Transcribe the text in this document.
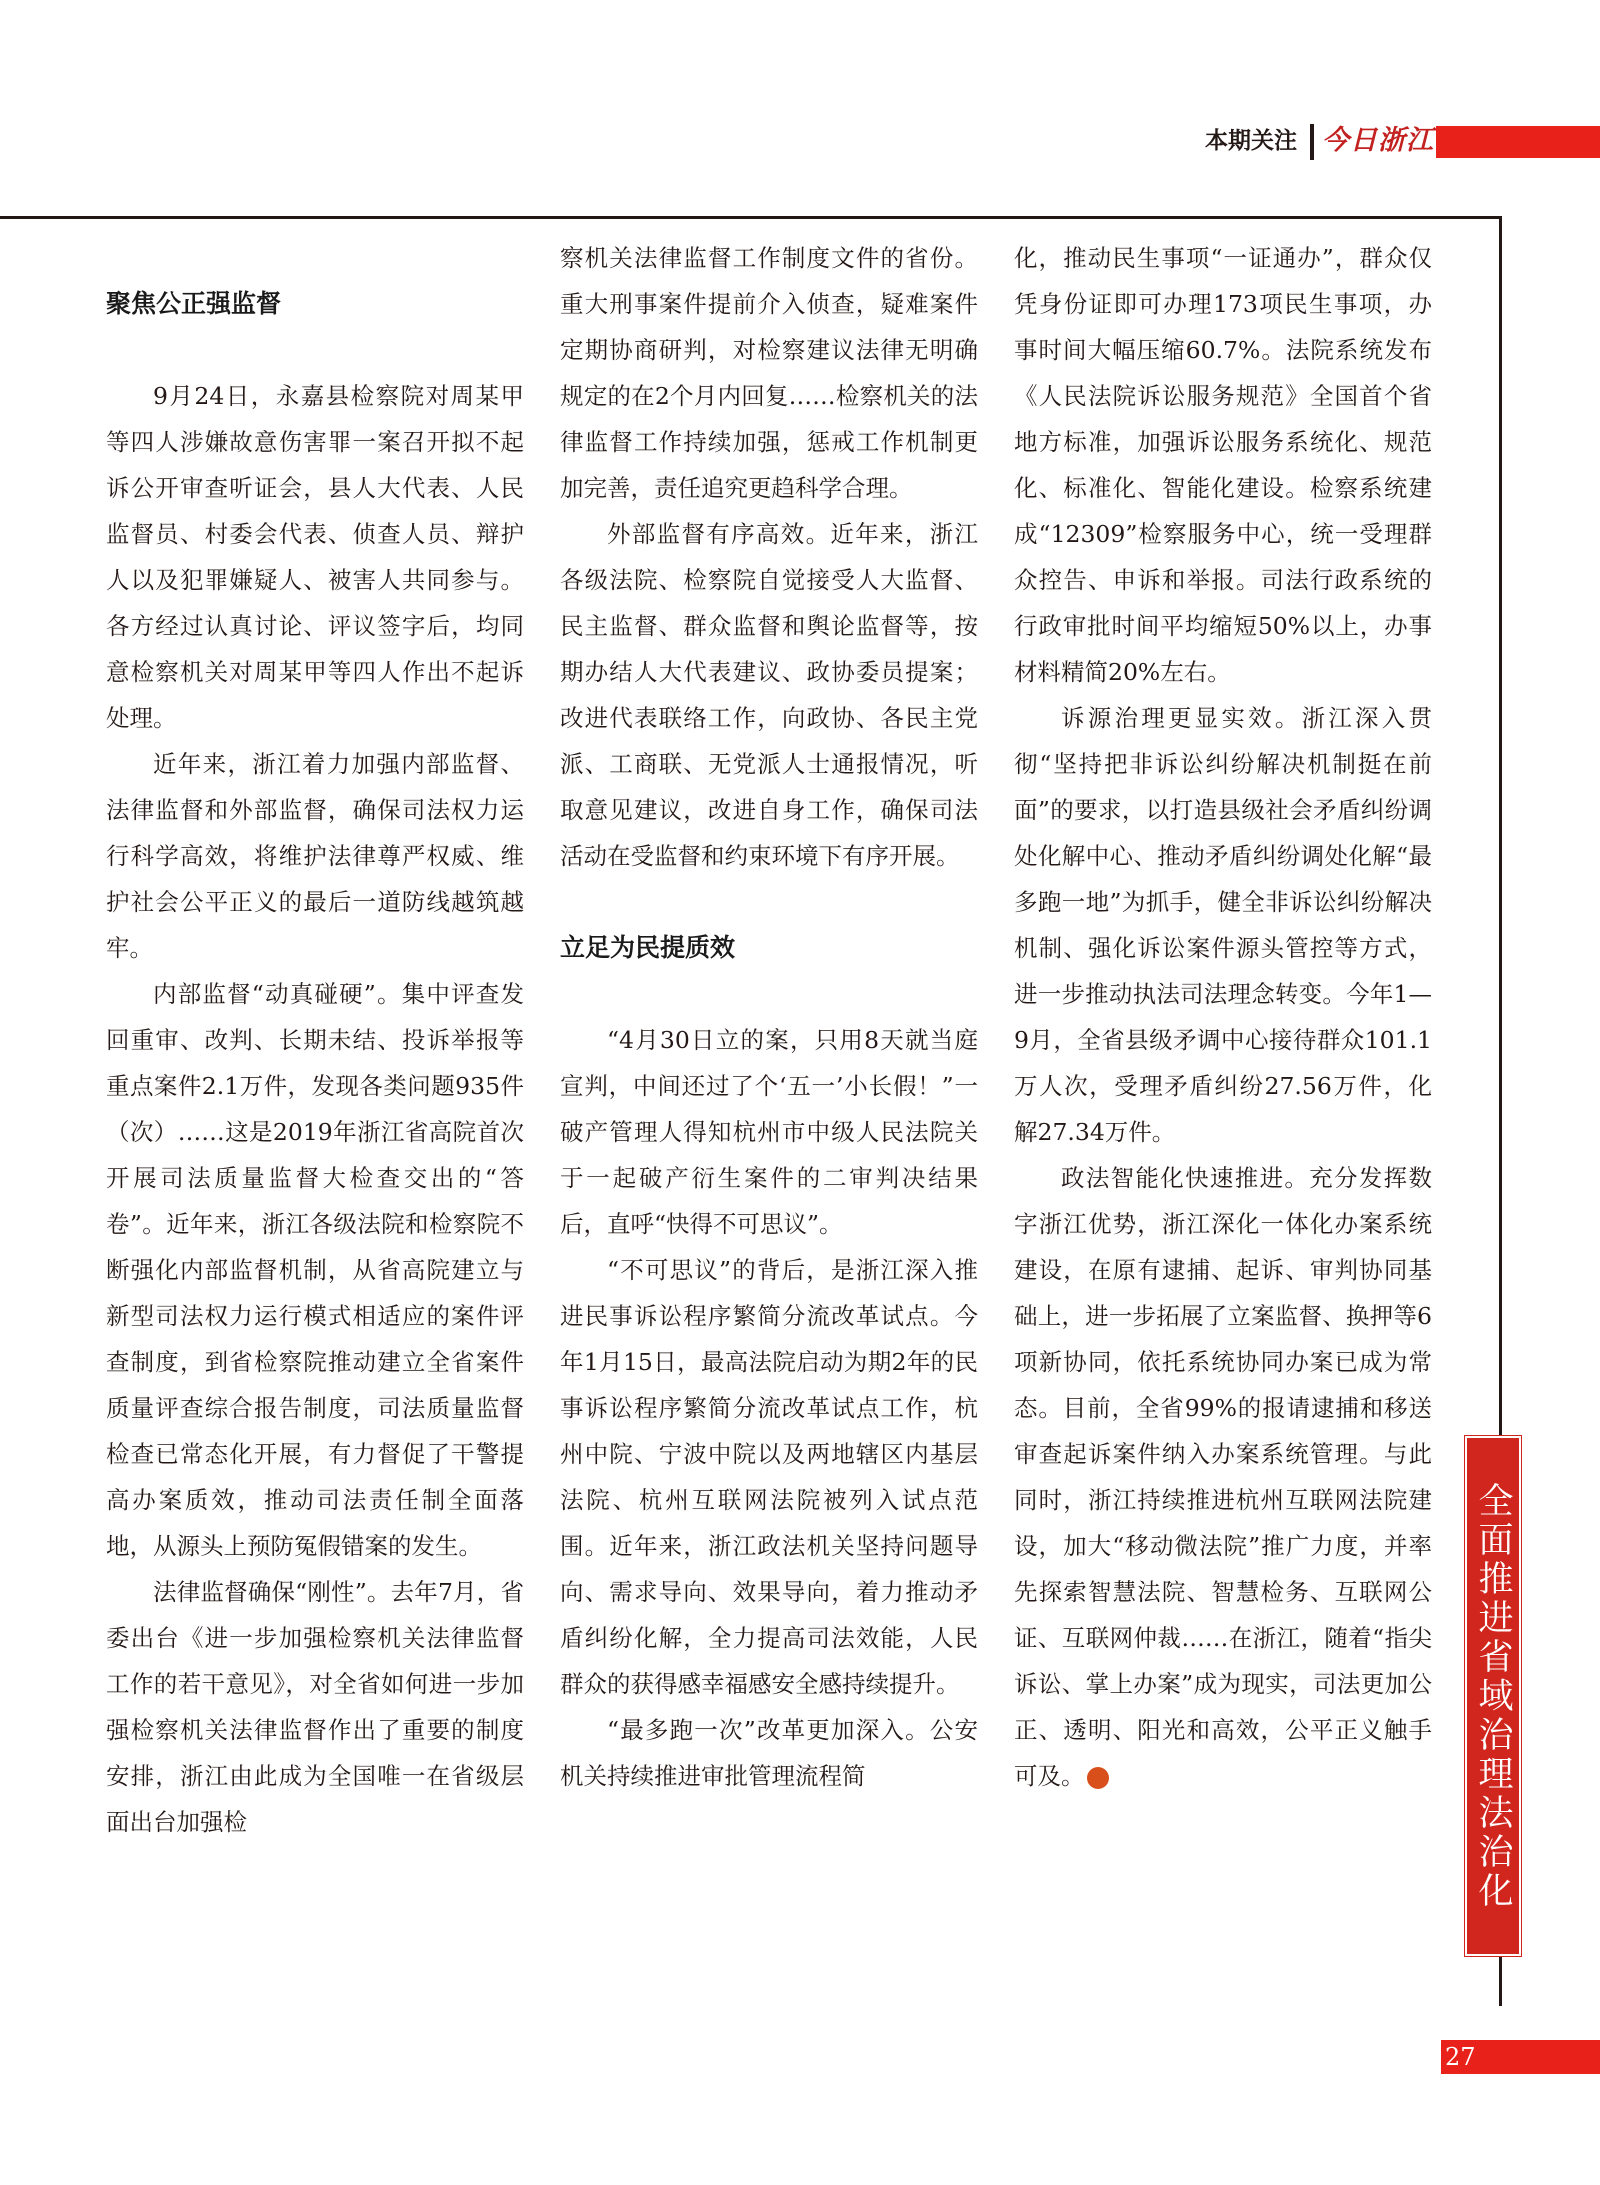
本期关注 今日浙江
聚焦公正强监督

9月24日，永嘉县检察院对周某甲等四人涉嫌故意伤害罪一案召开拟不起诉公开审查听证会，县人大代表、人民监督员、村委会代表、侦查人员、辩护人以及犯罪嫌疑人、被害人共同参与。各方经过认真讨论、评议签字后，均同意检察机关对周某甲等四人作出不起诉处理。

近年来，浙江着力加强内部监督、法律监督和外部监督，确保司法权力运行科学高效，将维护法律尊严权威、维护社会公平正义的最后一道防线越筑越牢。

内部监督“动真碰硬”。集中评查发回重审、改判、长期未结、投诉举报等重点案件2.1万件，发现各类问题935件（次）……这是2019年浙江省高院首次开展司法质量监督大检查交出的“答卷”。近年来，浙江各级法院和检察院不断强化内部监督机制，从省高院建立与新型司法权力运行模式相适应的案件评查制度，到省检察院推动建立全省案件质量评查综合报告制度，司法质量监督检查已常态化开展，有力督促了干警提高办案质效，推动司法责任制全面落地，从源头上预防冤假错案的发生。

法律监督确保“刚性”。去年7月，省委出台《进一步加强检察机关法律监督工作的若干意见》，对全省如何进一步加强检察机关法律监督作出了重要的制度安排，浙江由此成为全国唯一在省级层面出台加强检

察机关法律监督工作制度文件的省份。重大刑事案件提前介入侦查，疑难案件定期协商研判，对检察建议法律无明确规定的在2个月内回复……检察机关的法律监督工作持续加强，惩戒工作机制更加完善，责任追究更趋科学合理。

外部监督有序高效。近年来，浙江各级法院、检察院自觉接受人大监督、民主监督、群众监督和舆论监督等，按期办结人大代表建议、政协委员提案；改进代表联络工作，向政协、各民主党派、工商联、无党派人士通报情况，听取意见建议，改进自身工作，确保司法活动在受监督和约束环境下有序开展。

立足为民提质效

“4月30日立的案，只用8天就当庭宣判，中间还过了个‘五一’小长假！”一破产管理人得知杭州市中级人民法院关于一起破产衍生案件的二审判决结果后，直呼“快得不可思议”。

“不可思议”的背后，是浙江深入推进民事诉讼程序繁简分流改革试点。今年1月15日，最高法院启动为期2年的民事诉讼程序繁简分流改革试点工作，杭州中院、宁波中院以及两地辖区内基层法院、杭州互联网法院被列入试点范围。近年来，浙江政法机关坚持问题导向、需求导向、效果导向，着力推动矛盾纠纷化解，全力提高司法效能，人民群众的获得感幸福感安全感持续提升。

“最多跑一次”改革更加深入。公安机关持续推进审批管理流程简

化，推动民生事项“一证通办”，群众仅凭身份证即可办理173项民生事项，办事时间大幅压缩60.7%。法院系统发布《人民法院诉讼服务规范》全国首个省地方标准，加强诉讼服务系统化、规范化、标准化、智能化建设。检察系统建成“12309”检察服务中心，统一受理群众控告、申诉和举报。司法行政系统的行政审批时间平均缩短50%以上，办事材料精简20%左右。

诉源治理更显实效。浙江深入贯彻“坚持把非诉讼纠纷解决机制挺在前面”的要求，以打造县级社会矛盾纠纷调处化解中心、推动矛盾纠纷调处化解“最多跑一地”为抓手，健全非诉讼纠纷解决机制、强化诉讼案件源头管控等方式，进一步推动执法司法理念转变。今年1—9月，全省县级矛调中心接待群众101.1万人次，受理矛盾纠纷27.56万件，化解27.34万件。

政法智能化快速推进。充分发挥数字浙江优势，浙江深化一体化办案系统建设，在原有逮捕、起诉、审判协同基础上，进一步拓展了立案监督、换押等6项新协同，依托系统协同办案已成为常态。目前，全省99%的报请逮捕和移送审查起诉案件纳入办案系统管理。与此同时，浙江持续推进杭州互联网法院建设，加大“移动微法院”推广力度，并率先探索智慧法院、智慧检务、互联网公证、互联网仲裁……在浙江，随着“指尖诉讼、掌上办案”成为现实，司法更加公正、透明、阳光和高效，公平正义触手可及。	今	全面推进省域治理法治化
27
